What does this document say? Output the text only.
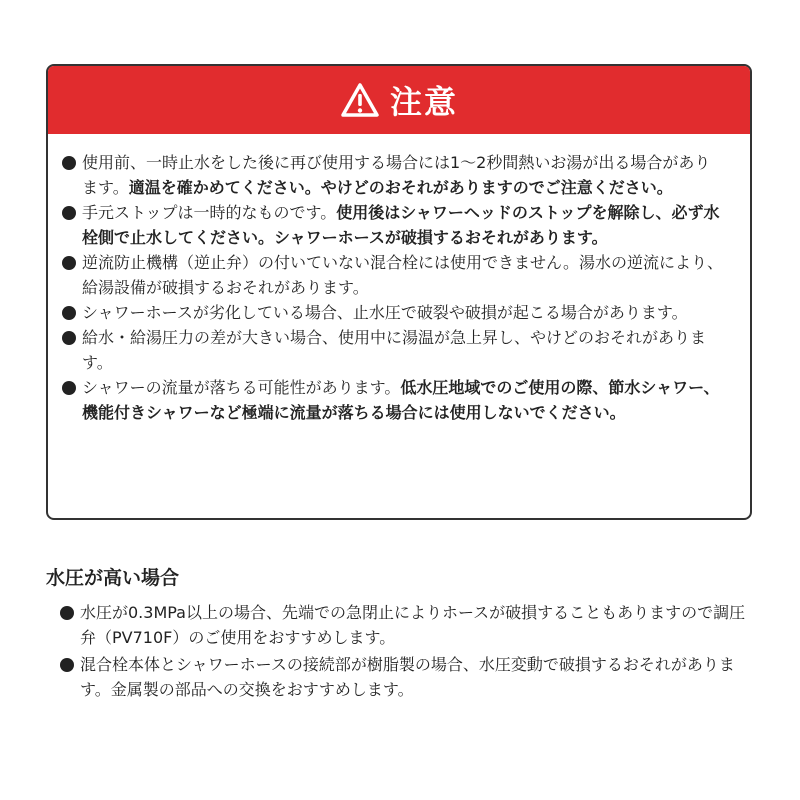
注意
使用前、一時止水をした後に再び使用する場合には1〜2秒間熱いお湯が出る場合があります。適温を確かめてください。やけどのおそれがありますのでご注意ください。
手元ストップは一時的なものです。使用後はシャワーヘッドのストップを解除し、必ず水栓側で止水してください。シャワーホースが破損するおそれがあります。
逆流防止機構（逆止弁）の付いていない混合栓には使用できません。湯水の逆流により、給湯設備が破損するおそれがあります。
シャワーホースが劣化している場合、止水圧で破裂や破損が起こる場合があります。
給水・給湯圧力の差が大きい場合、使用中に湯温が急上昇し、やけどのおそれがあります。
シャワーの流量が落ちる可能性があります。低水圧地域でのご使用の際、節水シャワー、機能付きシャワーなど極端に流量が落ちる場合には使用しないでください。
水圧が高い場合
水圧が0.3MPa以上の場合、先端での急閉止によりホースが破損することもありますので調圧弁（PV710F）のご使用をおすすめします。
混合栓本体とシャワーホースの接続部が樹脂製の場合、水圧変動で破損するおそれがあります。金属製の部品への交換をおすすめします。
